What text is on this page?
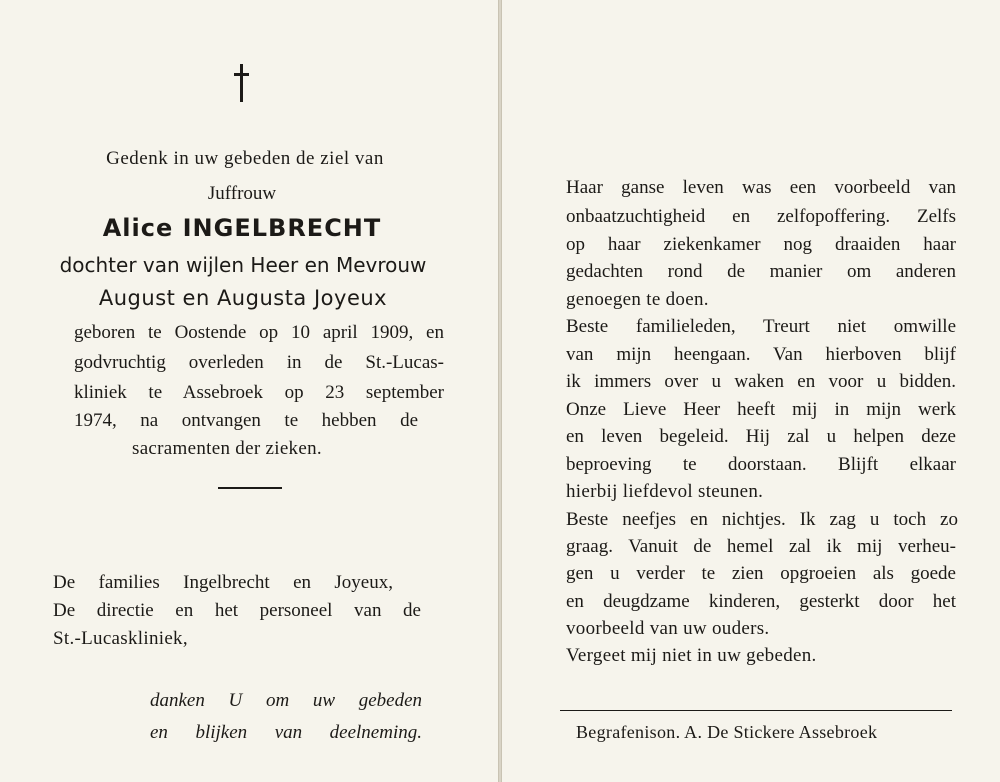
Gedenk in uw gebeden de ziel van
Juffrouw
Alice INGELBRECHT
dochter van wijlen Heer en Mevrouw
August en Augusta Joyeux
geboren te Oostende op 10 april 1909, en
godvruchtig overleden in de St.-Lucas-
kliniek te Assebroek op 23 september
1974, na ontvangen te hebben de
sacramenten der zieken.
De families Ingelbrecht en Joyeux,
De directie en het personeel van de
St.-Lucaskliniek,
danken U om uw gebeden
en blijken van deelneming.
Haar ganse leven was een voorbeeld van
onbaatzuchtigheid en zelfopoffering. Zelfs
op haar ziekenkamer nog draaiden haar
gedachten rond de manier om anderen
genoegen te doen.
Beste familieleden, Treurt niet omwille
van mijn heengaan. Van hierboven blijf
ik immers over u waken en voor u bidden.
Onze Lieve Heer heeft mij in mijn werk
en leven begeleid. Hij zal u helpen deze
beproeving te doorstaan. Blijft elkaar
hierbij liefdevol steunen.
Beste neefjes en nichtjes. Ik zag u toch zo
graag. Vanuit de hemel zal ik mij verheu-
gen u verder te zien opgroeien als goede
en deugdzame kinderen, gesterkt door het
voorbeeld van uw ouders.
Vergeet mij niet in uw gebeden.
Begrafenison. A. De Stickere Assebroek
